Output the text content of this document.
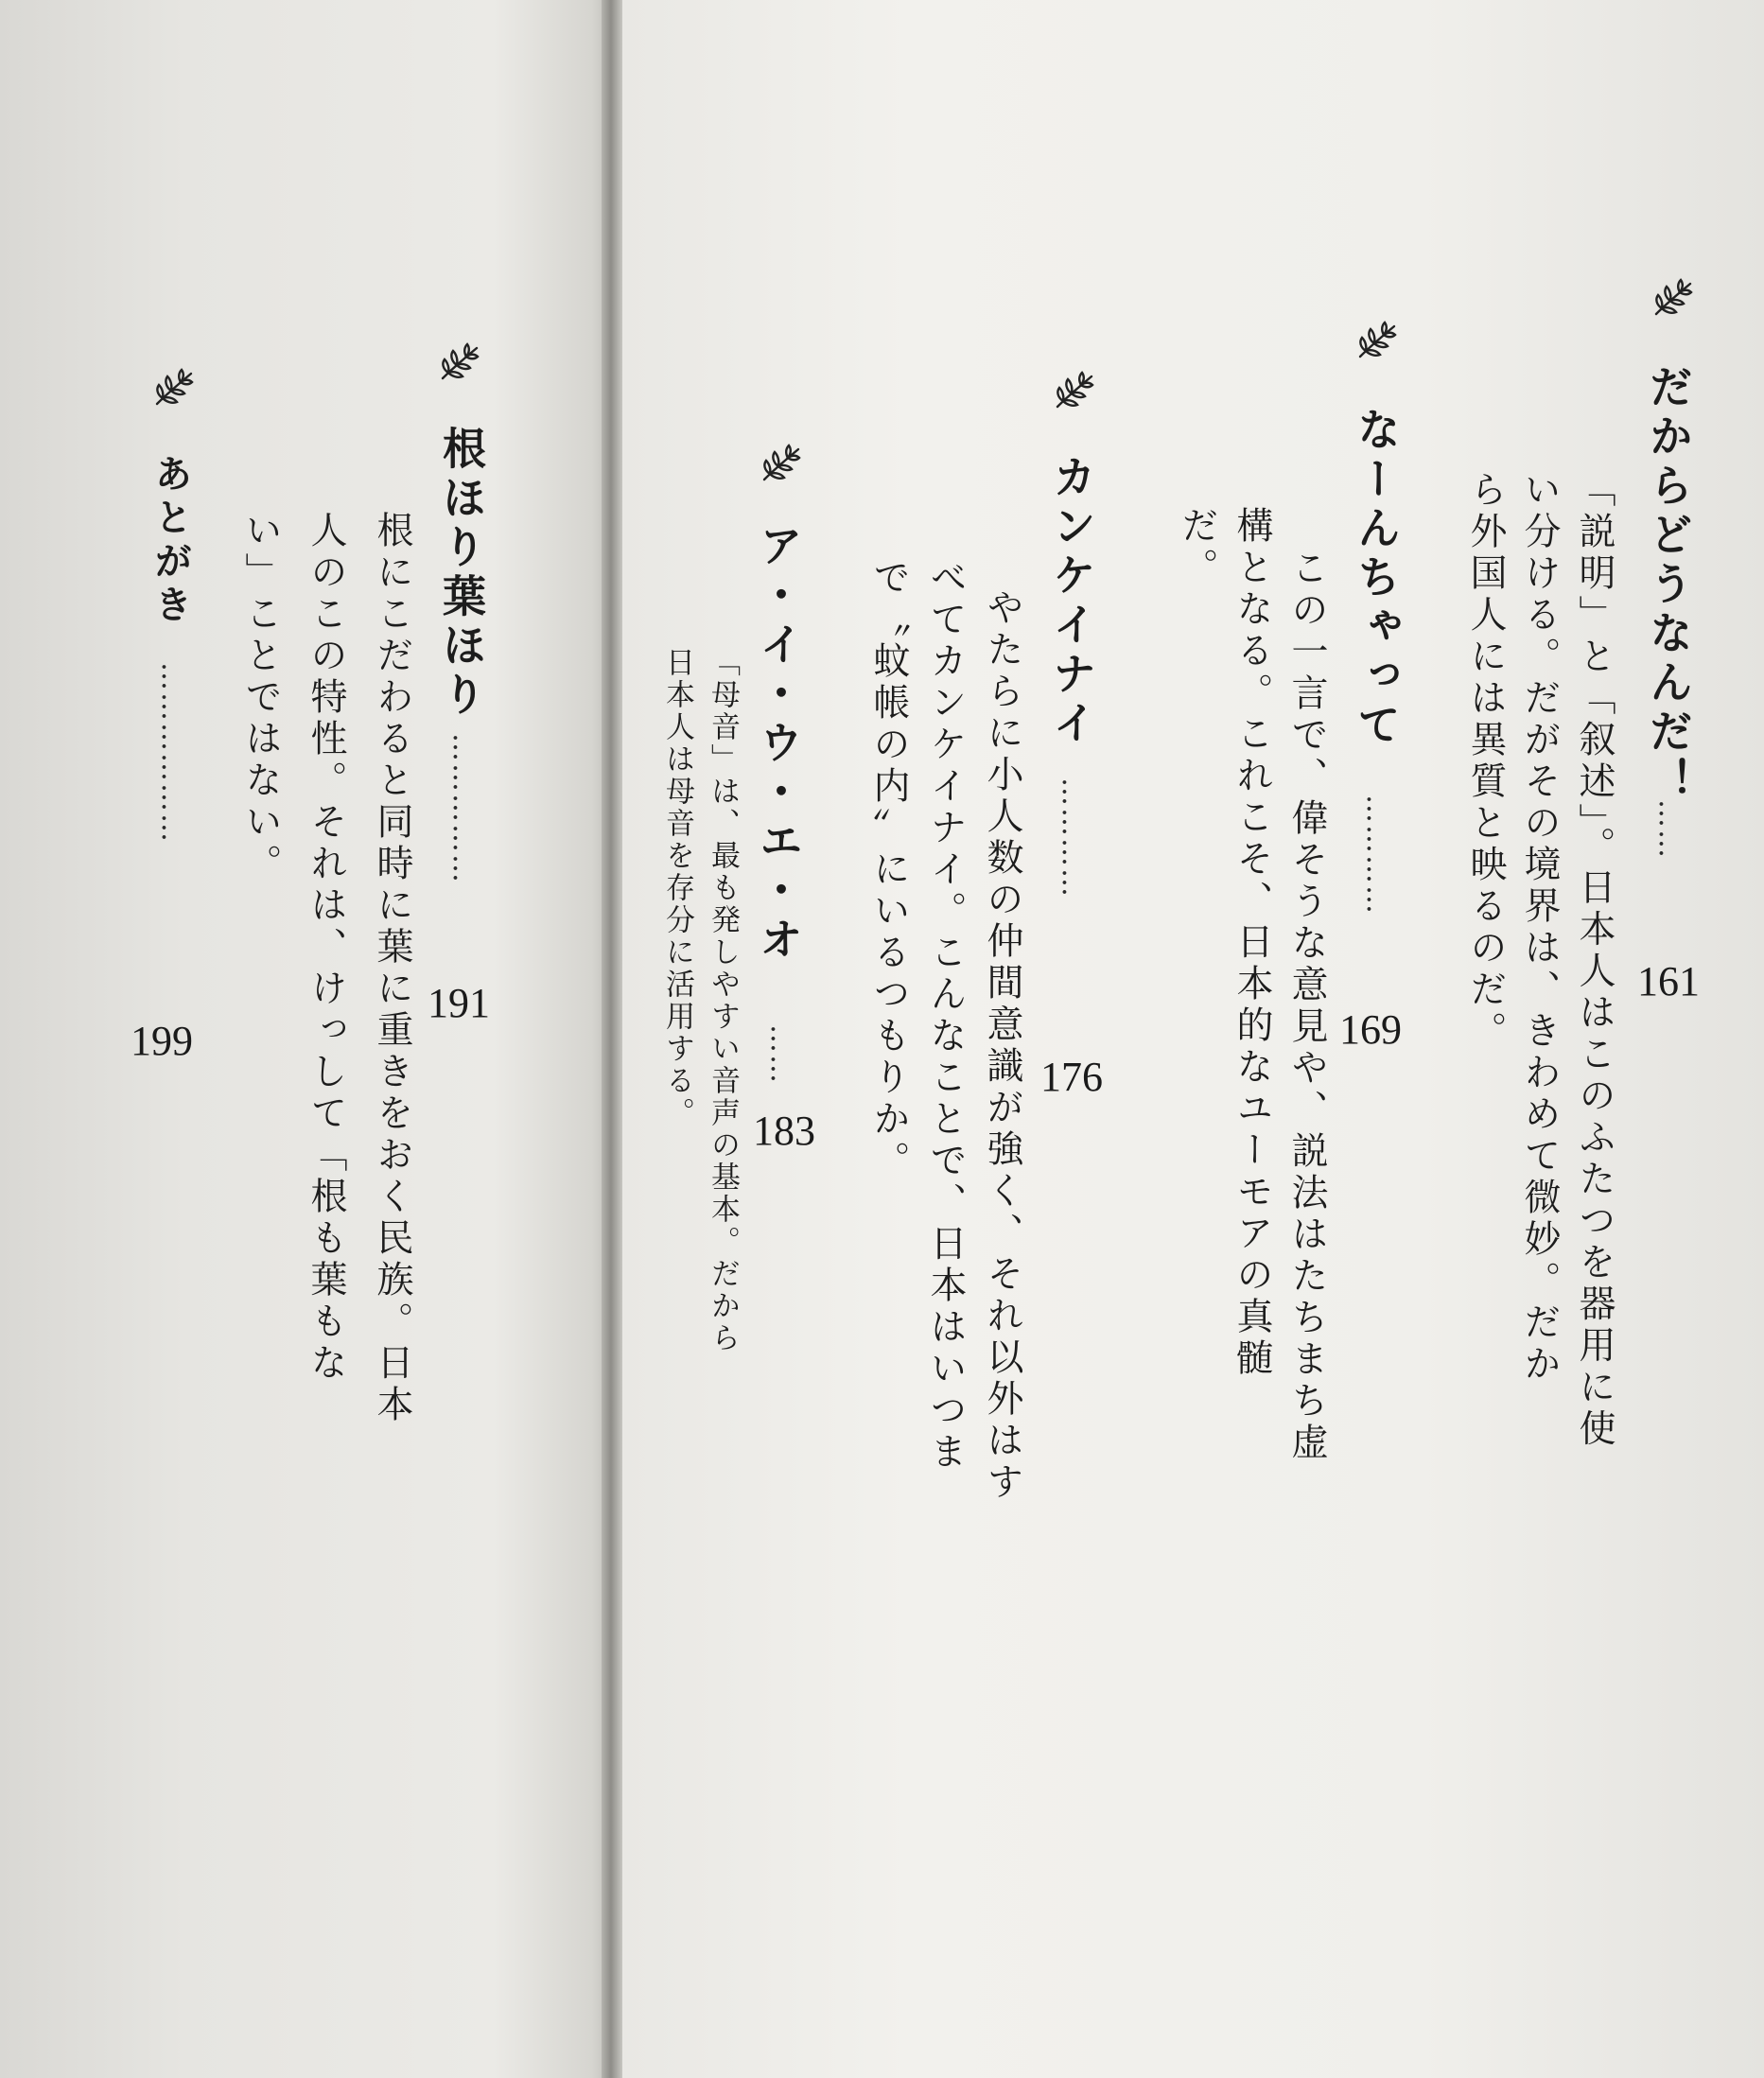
だからどうなんだ！
……
161
「説明」と「叙述」。日本人はこのふたつを器用に使
い分ける。だがその境界は、きわめて微妙。だか
ら外国人には異質と映るのだ。
なーんちゃって
…………
169
この一言で、偉そうな意見や、説法はたちまち虚
構となる。これこそ、日本的なユーモアの真髄
だ。
カンケイナイ
…………
176
やたらに小人数の仲間意識が強く、それ以外はす
べてカンケイナイ。こんなことで、日本はいつま
で〝蚊帳の内〟にいるつもりか。
ア・イ・ウ・エ・オ
……
183
「母音」は、最も発しやすい音声の基本。だから
日本人は母音を存分に活用する。
根ほり葉ほり
……………
191
根にこだわると同時に葉に重きをおく民族。日本
人のこの特性。それは、けっして「根も葉もな
い」ことではない。
あとがき
………………
199
